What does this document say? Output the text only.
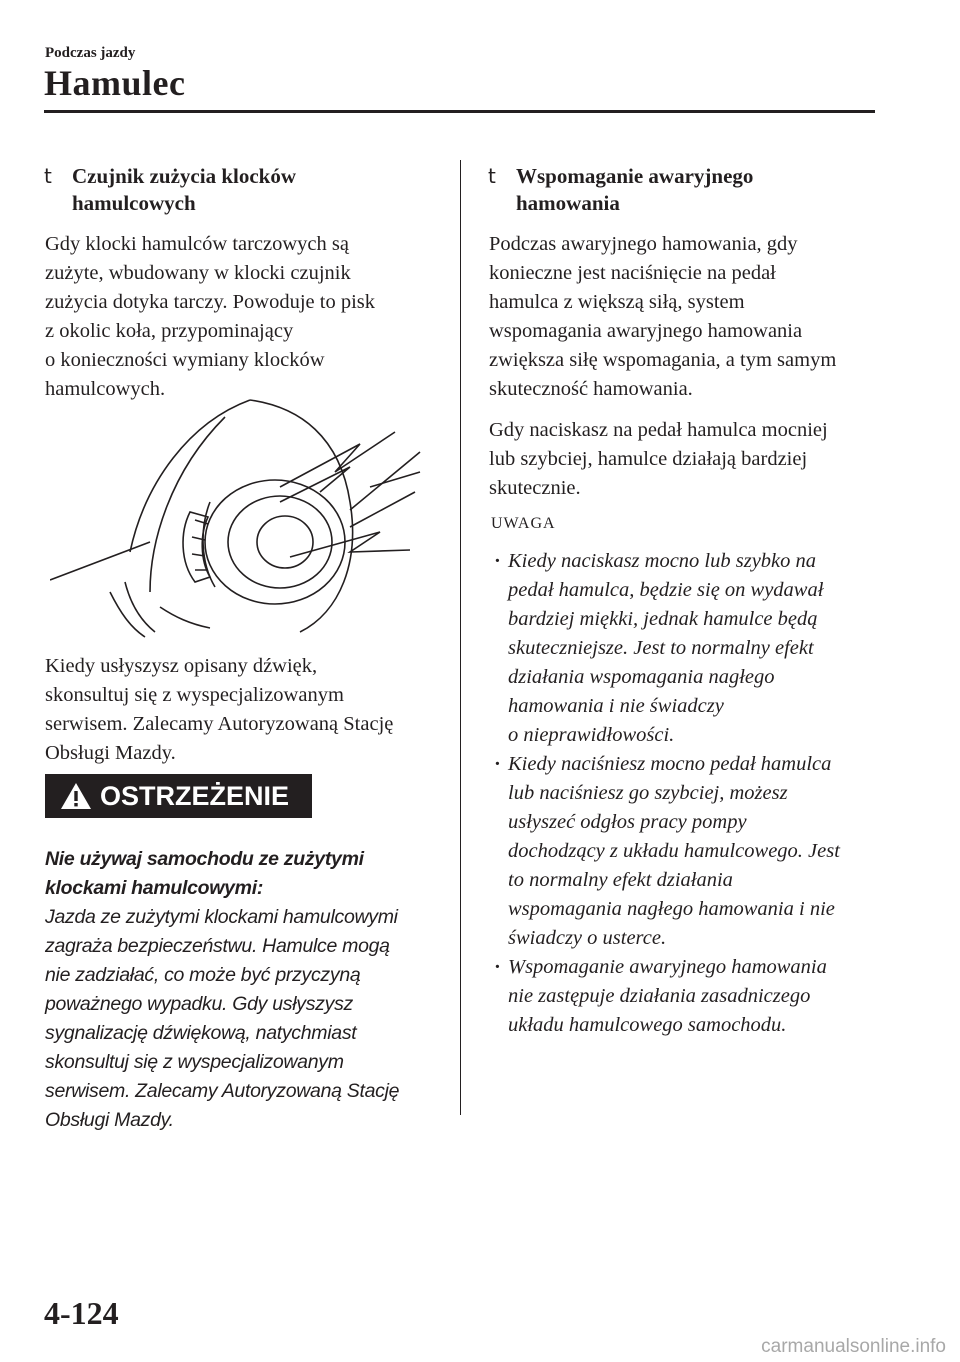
Podczas jazdy
Hamulec
t Czujnik zużycia klocków hamulcowych

Gdy klocki hamulców tarczowych są

zużyte, wbudowany w klocki czujnik

zużycia dotyka tarczy. Powoduje to pisk

z okolic koła, przypominający

o konieczności wymiany klocków

hamulcowych.

Kiedy usłyszysz opisany dźwięk,

skonsultuj się z wyspecjalizowanym

serwisem. Zalecamy Autoryzowaną Stację

Obsługi Mazdy.

OSTRZEŻENIE
Nie używaj samochodu ze zużytymi
klockami hamulcowymi:
Jazda ze zużytymi klockami hamulcowymi
zagraża bezpieczeństwu. Hamulce mogą
nie zadziałać, co może być przyczyną
poważnego wypadku. Gdy usłyszysz
sygnalizację dźwiękową, natychmiast
skonsultuj się z wyspecjalizowanym
serwisem. Zalecamy Autoryzowaną Stację
Obsługi Mazdy.
t Wspomaganie awaryjnego hamowania

Podczas awaryjnego hamowania, gdy

konieczne jest naciśnięcie na pedał

hamulca z większą siłą, system

wspomagania awaryjnego hamowania

zwiększa siłę wspomagania, a tym samym

skuteczność hamowania.

Gdy naciskasz na pedał hamulca mocniej

lub szybciej, hamulce działają bardziej

skutecznie.

UWAGA
· Kiedy naciskasz mocno lub szybko na
pedał hamulca, będzie się on wydawał
bardziej miękki, jednak hamulce będą
skuteczniejsze. Jest to normalny efekt
działania wspomagania nagłego
hamowania i nie świadczy
o nieprawidłowości.
· Kiedy naciśniesz mocno pedał hamulca
lub naciśniesz go szybciej, możesz
usłyszeć odgłos pracy pompy
dochodzący z układu hamulcowego. Jest
to normalny efekt działania
wspomagania nagłego hamowania i nie
świadczy o usterce.
· Wspomaganie awaryjnego hamowania
nie zastępuje działania zasadniczego
układu hamulcowego samochodu.
4-124
carmanualsonline.info
